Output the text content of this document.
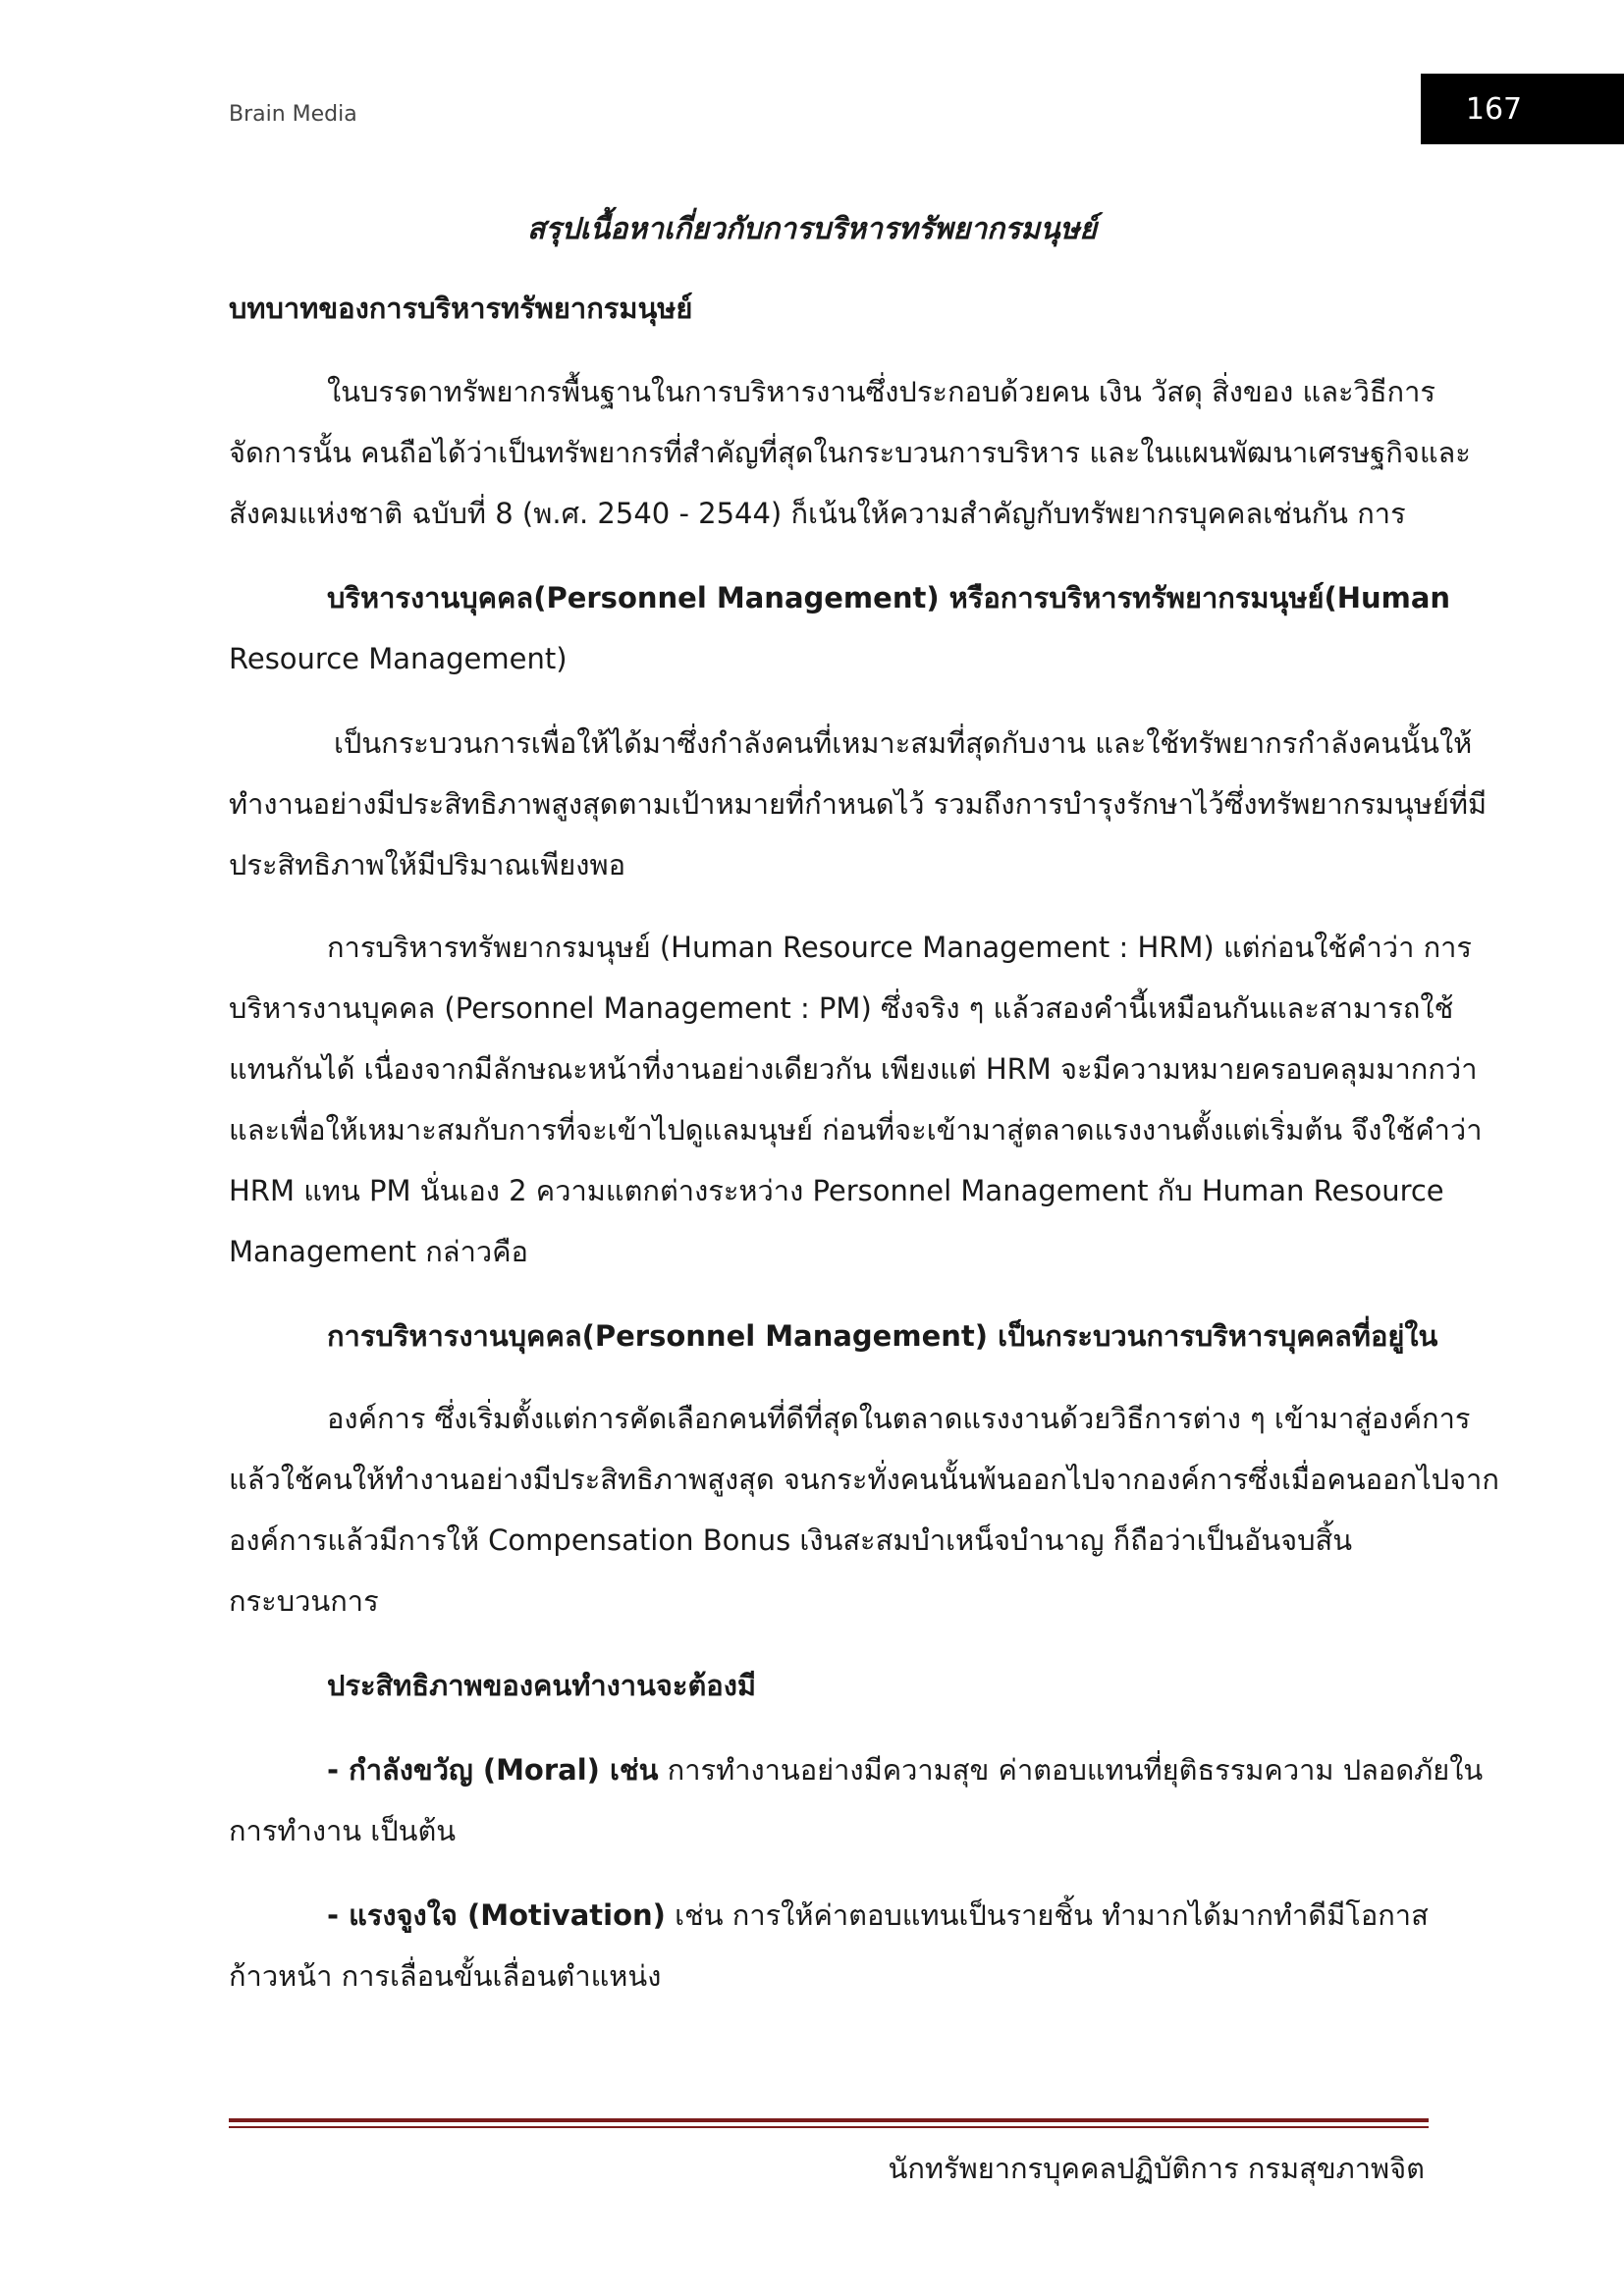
Brain Media	167
สรุปเนื้อหาเกี่ยวกับการบริหารทรัพยากรมนุษย์
บทบาทของการบริหารทรัพยากรมนุษย์
ในบรรดาทรัพยากรพื้นฐานในการบริหารงานซึ่งประกอบด้วยคน เงิน วัสดุ สิ่งของ และวิธีการ
จัดการนั้น คนถือได้ว่าเป็นทรัพยากรที่สำคัญที่สุดในกระบวนการบริหาร และในแผนพัฒนาเศรษฐกิจและ
สังคมแห่งชาติ ฉบับที่ 8 (พ.ศ. 2540 - 2544) ก็เน้นให้ความสำคัญกับทรัพยากรบุคคลเช่นกัน การ
บริหารงานบุคคล(Personnel Management) หรือการบริหารทรัพยากรมนุษย์(Human
Resource Management)
เป็นกระบวนการเพื่อให้ได้มาซึ่งกำลังคนที่เหมาะสมที่สุดกับงาน และใช้ทรัพยากรกำลังคนนั้นให้
ทำงานอย่างมีประสิทธิภาพสูงสุดตามเป้าหมายที่กำหนดไว้ รวมถึงการบำรุงรักษาไว้ซึ่งทรัพยากรมนุษย์ที่มี
ประสิทธิภาพให้มีปริมาณเพียงพอ
การบริหารทรัพยากรมนุษย์ (Human Resource Management : HRM) แต่ก่อนใช้คำว่า การ
บริหารงานบุคคล (Personnel Management : PM) ซึ่งจริง ๆ แล้วสองคำนี้เหมือนกันและสามารถใช้
แทนกันได้ เนื่องจากมีลักษณะหน้าที่งานอย่างเดียวกัน เพียงแต่ HRM จะมีความหมายครอบคลุมมากกว่า
และเพื่อให้เหมาะสมกับการที่จะเข้าไปดูแลมนุษย์ ก่อนที่จะเข้ามาสู่ตลาดแรงงานตั้งแต่เริ่มต้น จึงใช้คำว่า
HRM แทน PM นั่นเอง 2 ความแตกต่างระหว่าง Personnel Management กับ Human Resource
Management กล่าวคือ
การบริหารงานบุคคล(Personnel Management) เป็นกระบวนการบริหารบุคคลที่อยู่ใน
องค์การ ซึ่งเริ่มตั้งแต่การคัดเลือกคนที่ดีที่สุดในตลาดแรงงานด้วยวิธีการต่าง ๆ เข้ามาสู่องค์การ
แล้วใช้คนให้ทำงานอย่างมีประสิทธิภาพสูงสุด จนกระทั่งคนนั้นพ้นออกไปจากองค์การซึ่งเมื่อคนออกไปจาก
องค์การแล้วมีการให้ Compensation Bonus เงินสะสมบำเหน็จบำนาญ ก็ถือว่าเป็นอันจบสิ้น
กระบวนการ
ประสิทธิภาพของคนทำงานจะต้องมี
- กำลังขวัญ (Moral) เช่น การทำงานอย่างมีความสุข ค่าตอบแทนที่ยุติธรรมความ ปลอดภัยใน
การทำงาน เป็นต้น
- แรงจูงใจ (Motivation) เช่น การให้ค่าตอบแทนเป็นรายชิ้น ทำมากได้มากทำดีมีโอกาส
ก้าวหน้า การเลื่อนขั้นเลื่อนตำแหน่ง
นักทรัพยากรบุคคลปฏิบัติการ กรมสุขภาพจิต
